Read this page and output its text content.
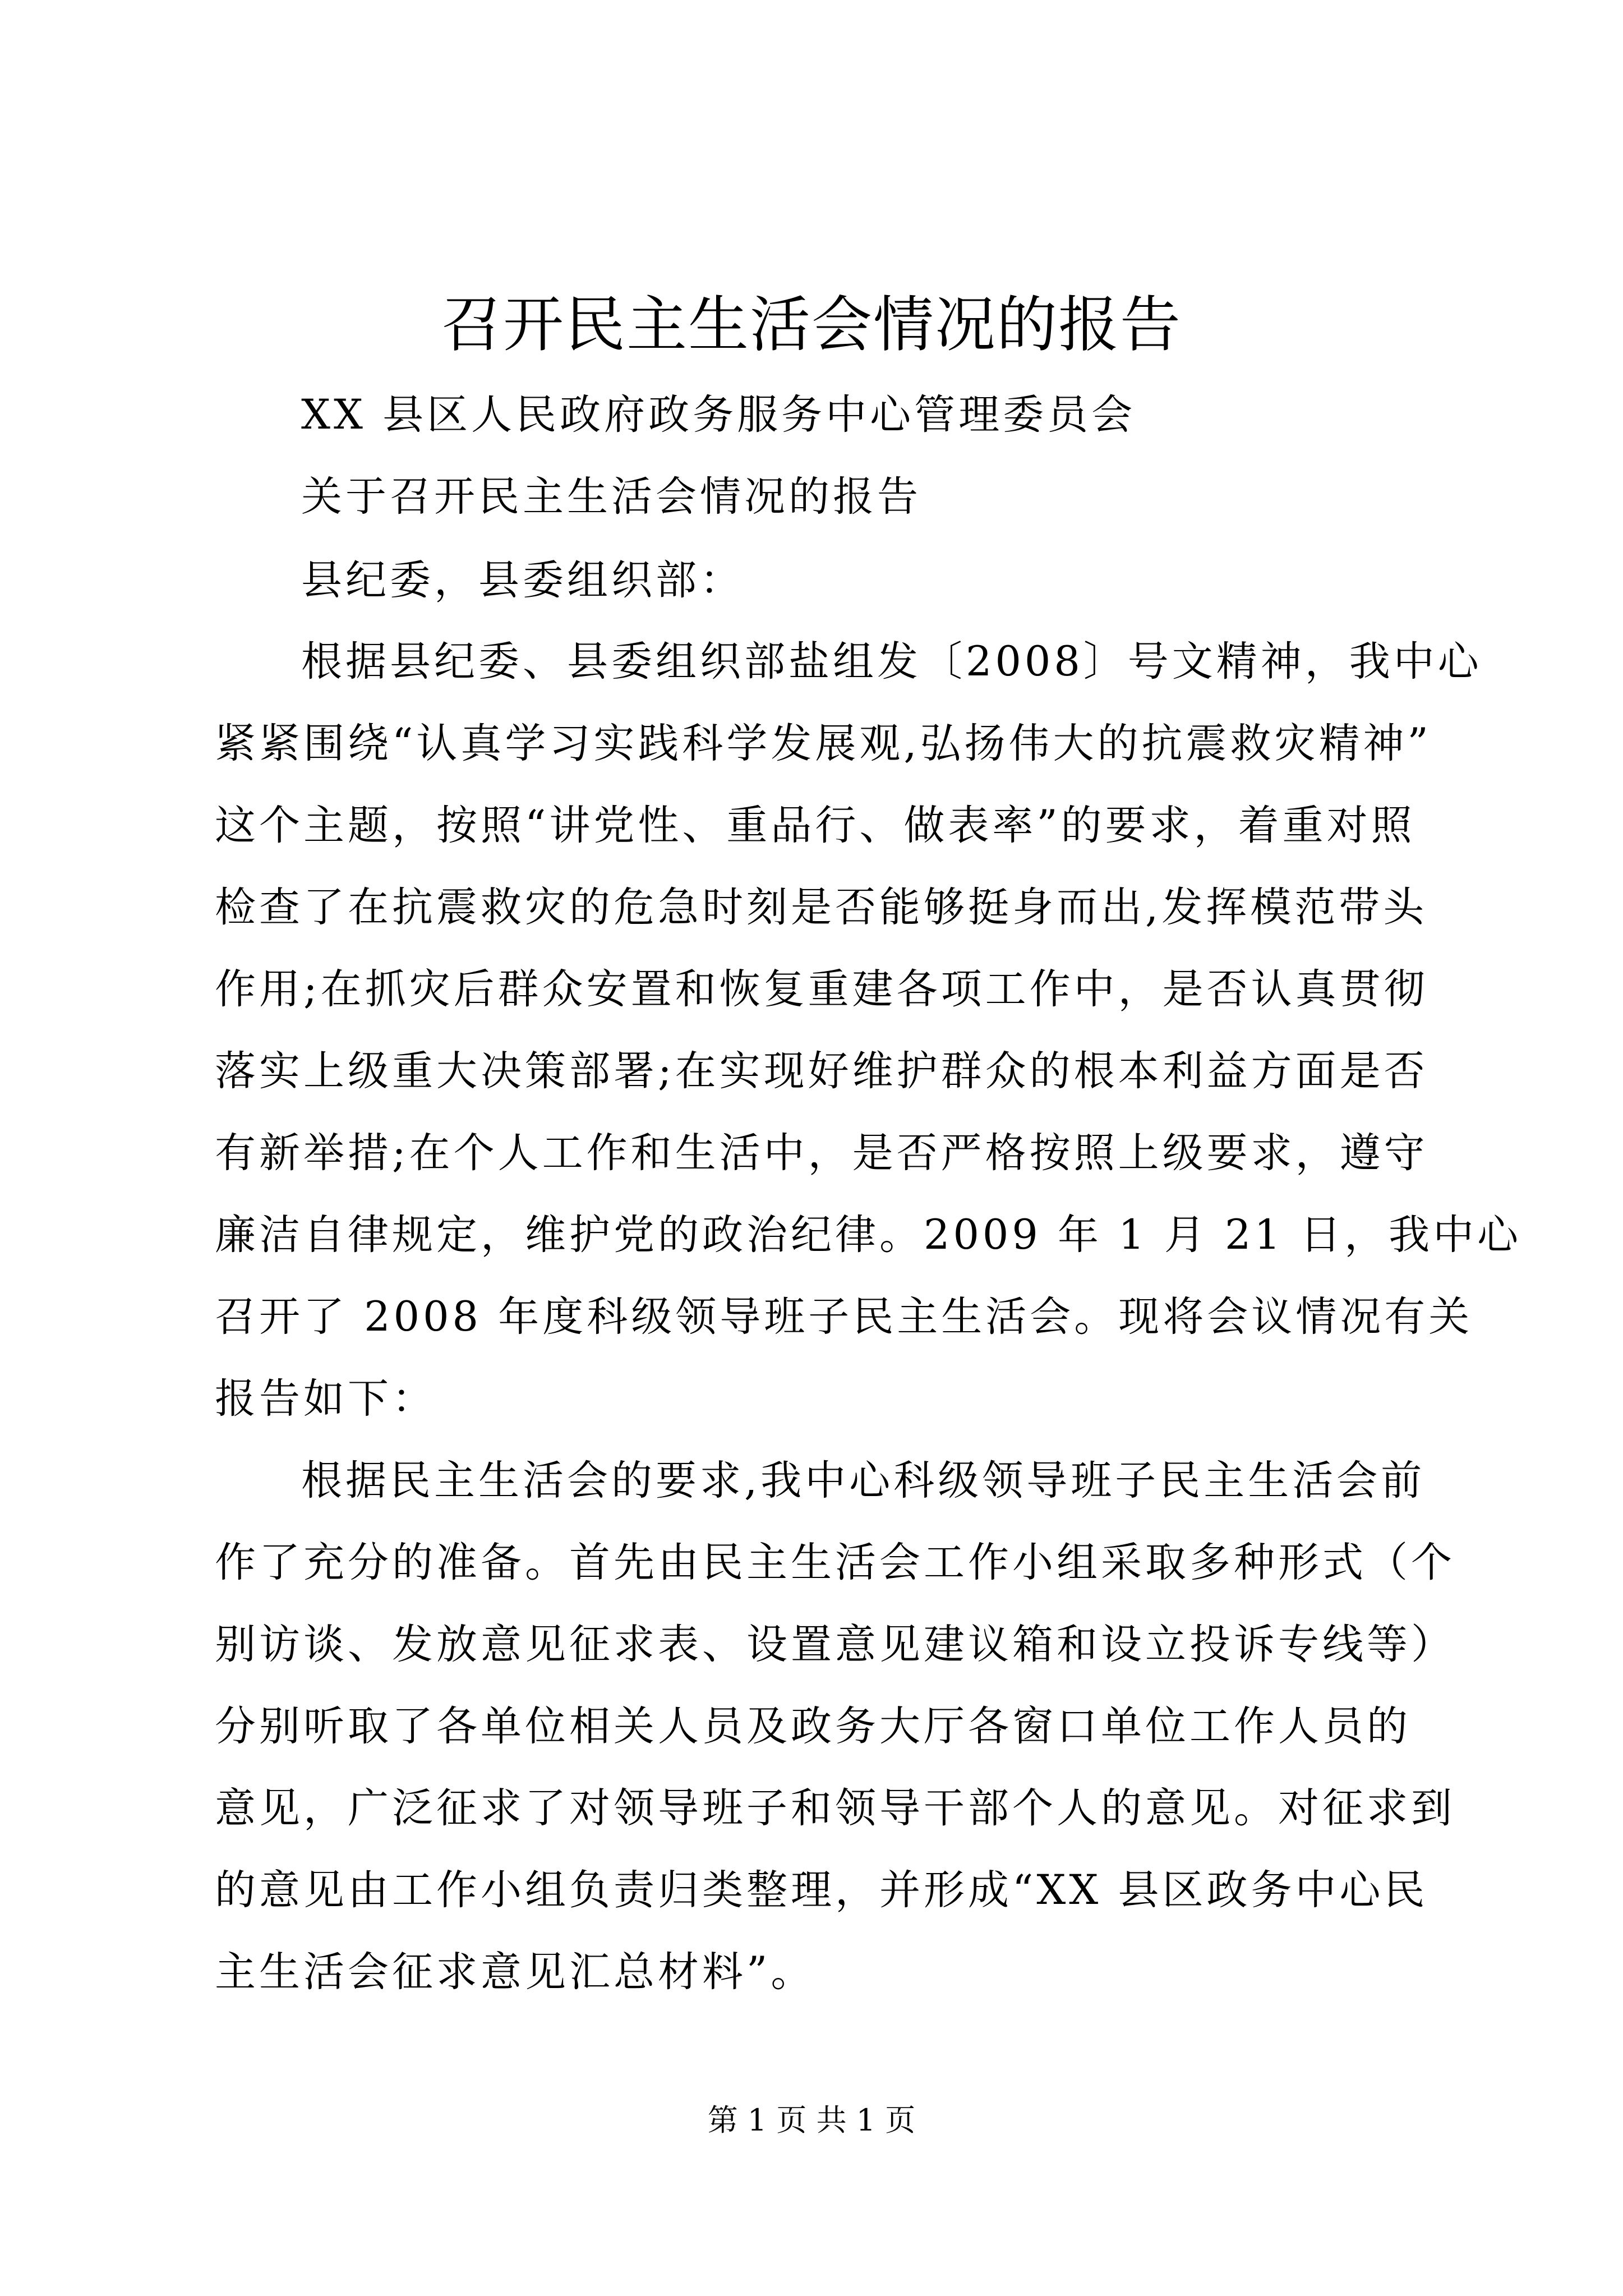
召开民主生活会情况的报告
XX 县区人民政府政务服务中心管理委员会
关于召开民主生活会情况的报告
县纪委，县委组织部：
根据县纪委、县委组织部盐组发〔2008〕号文精神，我中心
紧紧围绕“认真学习实践科学发展观,弘扬伟大的抗震救灾精神”
这个主题，按照“讲党性、重品行、做表率”的要求，着重对照
检查了在抗震救灾的危急时刻是否能够挺身而出,发挥模范带头
作用;在抓灾后群众安置和恢复重建各项工作中，是否认真贯彻
落实上级重大决策部署;在实现好维护群众的根本利益方面是否
有新举措;在个人工作和生活中，是否严格按照上级要求，遵守
廉洁自律规定，维护党的政治纪律。2009 年 1 月 21 日，我中心
召开了 2008 年度科级领导班子民主生活会。现将会议情况有关
报告如下：
根据民主生活会的要求,我中心科级领导班子民主生活会前
作了充分的准备。首先由民主生活会工作小组采取多种形式（个
别访谈、发放意见征求表、设置意见建议箱和设立投诉专线等）
分别听取了各单位相关人员及政务大厅各窗口单位工作人员的
意见，广泛征求了对领导班子和领导干部个人的意见。对征求到
的意见由工作小组负责归类整理，并形成“XX 县区政务中心民
主生活会征求意见汇总材料”。
第 1 页 共 1 页
